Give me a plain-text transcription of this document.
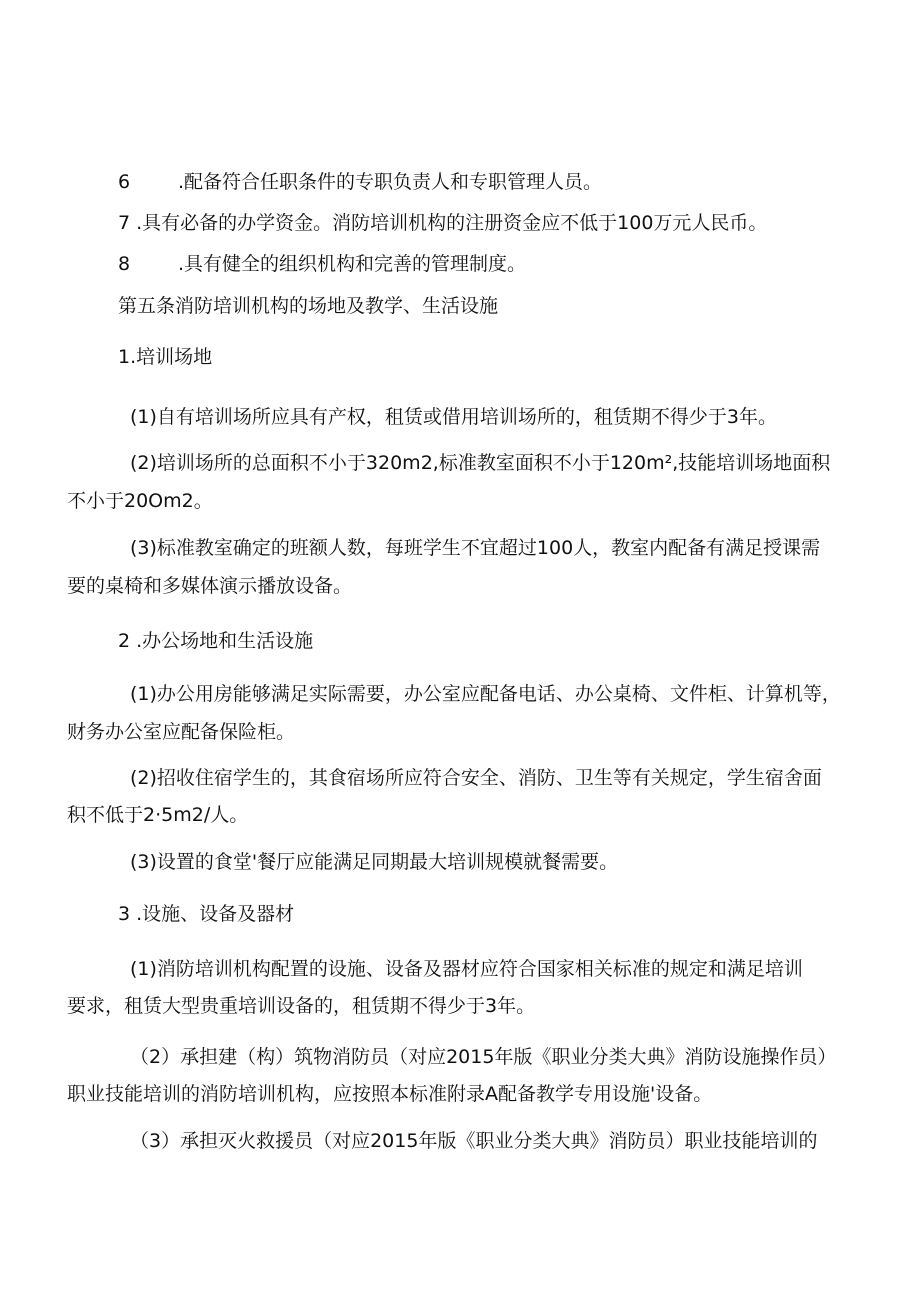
6	.配备符合任职条件的专职负责人和专职管理人员。
7 .具有必备的办学资金。消防培训机构的注册资金应不低于100万元人民币。
8	.具有健全的组织机构和完善的管理制度。
第五条消防培训机构的场地及教学、生活设施
1.培训场地
(1)自有培训场所应具有产权，租赁或借用培训场所的，租赁期不得少于3年。
(2)培训场所的总面积不小于320m2,标准教室面积不小于120m²,技能培训场地面积
不小于20Om2。
(3)标准教室确定的班额人数，每班学生不宜超过100人，教室内配备有满足授课需
要的桌椅和多媒体演示播放设备。
2 .办公场地和生活设施
(1)办公用房能够满足实际需要，办公室应配备电话、办公桌椅、文件柜、计算机等，
财务办公室应配备保险柜。
(2)招收住宿学生的，其食宿场所应符合安全、消防、卫生等有关规定，学生宿舍面
积不低于2·5m2∕人。
(3)设置的食堂'餐厅应能满足同期最大培训规模就餐需要。
3 .设施、设备及器材
(1)消防培训机构配置的设施、设备及器材应符合国家相关标准的规定和满足培训
要求，租赁大型贵重培训设备的，租赁期不得少于3年。
（2）承担建（构）筑物消防员（对应2015年版《职业分类大典》消防设施操作员）
职业技能培训的消防培训机构，应按照本标准附录A配备教学专用设施'设备。
（3）承担灭火救援员（对应2015年版《职业分类大典》消防员）职业技能培训的
